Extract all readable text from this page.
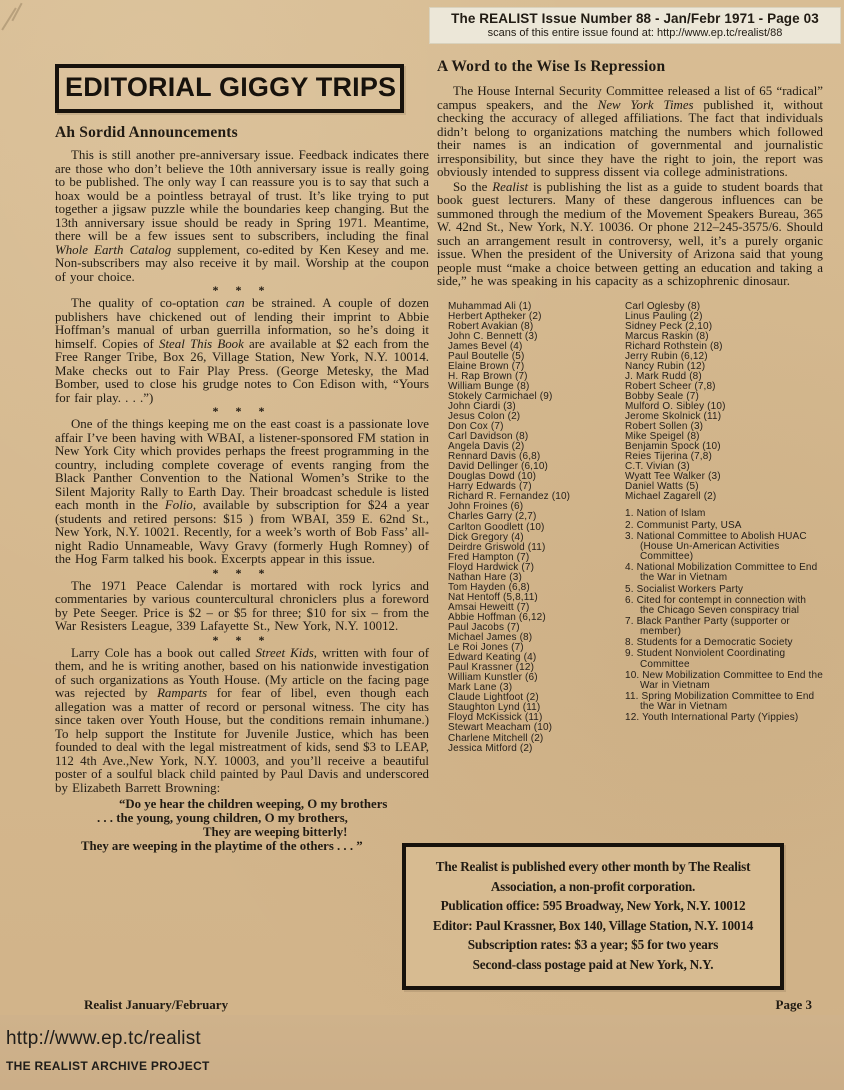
The REALIST Issue Number 88 - Jan/Febr 1971 - Page 03
scans of this entire issue found at: http://www.ep.tc/realist/88
EDITORIAL GIGGY TRIPS
Ah Sordid Announcements

This is still another pre-anniversary issue. Feedback indicates there are those who don’t believe the 10th anniversary issue is really going to be published. The only way I can reassure you is to say that such a hoax would be a pointless betrayal of trust. It’s like trying to put together a jigsaw puzzle while the boundaries keep changing. But the 13th anniversary issue should be ready in Spring 1971. Meantime, there will be a few issues sent to subscribers, including the final Whole Earth Catalog supplement, co-edited by Ken Kesey and me. Non-subscribers may also receive it by mail. Worship at the coupon of your choice.

* * *

The quality of co-optation can be strained. A couple of dozen publishers have chickened out of lending their imprint to Abbie Hoffman’s manual of urban guerrilla information, so he’s doing it himself. Copies of Steal This Book are available at $2 each from the Free Ranger Tribe, Box 26, Village Station, New York, N.Y. 10014. Make checks out to Fair Play Press. (George Metesky, the Mad Bomber, used to close his grudge notes to Con Edison with, “Yours for fair play. . . .”)

* * *

One of the things keeping me on the east coast is a passionate love affair I’ve been having with WBAI, a listener-sponsored FM station in New York City which provides perhaps the freest programming in the country, including complete coverage of events ranging from the Black Panther Convention to the National Women’s Strike to the Silent Majority Rally to Earth Day. Their broadcast schedule is listed each month in the Folio, available by subscription for $24 a year (students and retired persons: $15 ) from WBAI, 359 E. 62nd St., New York, N.Y. 10021. Recently, for a week’s worth of Bob Fass’ all-night Radio Unnameable, Wavy Gravy (formerly Hugh Romney) of the Hog Farm talked his book. Excerpts appear in this issue.

* * *

The 1971 Peace Calendar is mortared with rock lyrics and commentaries by various countercultural chroniclers plus a foreword by Pete Seeger. Price is $2 – or $5 for three; $10 for six – from the War Resisters League, 339 Lafayette St., New York, N.Y. 10012.

* * *

Larry Cole has a book out called Street Kids, written with four of them, and he is writing another, based on his nationwide investigation of such organizations as Youth House. (My article on the facing page was rejected by Ramparts for fear of libel, even though each allegation was a matter of record or personal witness. The city has since taken over Youth House, but the conditions remain inhumane.) To help support the Institute for Juvenile Justice, which has been founded to deal with the legal mistreatment of kids, send $3 to LEAP, 112 4th Ave.,New York, N.Y. 10003, and you’ll receive a beautiful poster of a soulful black child painted by Paul Davis and underscored by Elizabeth Barrett Browning:

“Do ye hear the children weeping, O my brothers
. . . the young, young children, O my brothers,
They are weeping bitterly!
They are weeping in the playtime of the others . . . ”
A Word to the Wise Is Repression

The House Internal Security Committee released a list of 65 “radical” campus speakers, and the New York Times published it, without checking the accuracy of alleged affiliations. The fact that individuals didn’t belong to organizations matching the numbers which followed their names is an indication of governmental and journalistic irresponsibility, but since they have the right to join, the report was obviously intended to suppress dissent via college administrations.

So the Realist is publishing the list as a guide to student boards that book guest lecturers. Many of these dangerous influences can be summoned through the medium of the Movement Speakers Bureau, 365 W. 42nd St., New York, N.Y. 10036. Or phone 212–245-3575/6. Should such an arrangement result in controversy, well, it’s a purely organic issue. When the president of the University of Arizona said that young people must “make a choice between getting an education and taking a side,” he was speaking in his capacity as a schizophrenic dinosaur.

Muhammad Ali (1)
Herbert Aptheker (2)
Robert Avakian (8)
John C. Bennett (3)
James Bevel (4)
Paul Boutelle (5)
Elaine Brown (7)
H. Rap Brown (7)
William Bunge (8)
Stokely Carmichael (9)
John Ciardi (3)
Jesus Colon (2)
Don Cox (7)
Carl Davidson (8)
Angela Davis (2)
Rennard Davis (6,8)
David Dellinger (6,10)
Douglas Dowd (10)
Harry Edwards (7)
Richard R. Fernandez (10)
John Froines (6)
Charles Garry (2,7)
Carlton Goodlett (10)
Dick Gregory (4)
Deirdre Griswold (11)
Fred Hampton (7)
Floyd Hardwick (7)
Nathan Hare (3)
Tom Hayden (6,8)
Nat Hentoff (5,8,11)
Amsai Heweitt (7)
Abbie Hoffman (6,12)
Paul Jacobs (7)
Michael James (8)
Le Roi Jones (7)
Edward Keating (4)
Paul Krassner (12)
William Kunstler (6)
Mark Lane (3)
Claude Lightfoot (2)
Staughton Lynd (11)
Floyd McKissick (11)
Stewart Meacham (10)
Charlene Mitchell (2)
Jessica Mitford (2)
Carl Oglesby (8)
Linus Pauling (2)
Sidney Peck (2,10)
Marcus Raskin (8)
Richard Rothstein (8)
Jerry Rubin (6,12)
Nancy Rubin (12)
J. Mark Rudd (8)
Robert Scheer (7,8)
Bobby Seale (7)
Mulford O. Sibley (10)
Jerome Skolnick (11)
Robert Sollen (3)
Mike Speigel (8)
Benjamin Spock (10)
Reies Tijerina (7,8)
C.T. Vivian (3)
Wyatt Tee Walker (3)
Daniel Watts (5)
Michael Zagarell (2)
1. Nation of Islam
2. Communist Party, USA
3. National Committee to Abolish HUAC (House Un-American Activities Committee)
4. National Mobilization Committee to End the War in Vietnam
5. Socialist Workers Party
6. Cited for contempt in connection with the Chicago Seven conspiracy trial
7. Black Panther Party (supporter or member)
8. Students for a Democratic Society
9. Student Nonviolent Coordinating Committee
10. New Mobilization Committee to End the War in Vietnam
11. Spring Mobilization Committee to End the War in Vietnam
12. Youth International Party (Yippies)
The Realist is published every other month by The Realist
Association, a non-profit corporation.
Publication office: 595 Broadway, New York, N.Y. 10012
Editor: Paul Krassner, Box 140, Village Station, N.Y. 10014
Subscription rates: $3 a year; $5 for two years
Second-class postage paid at New York, N.Y.
Realist January/February	Page 3
http://www.ep.tc/realist
THE REALIST ARCHIVE PROJECT
